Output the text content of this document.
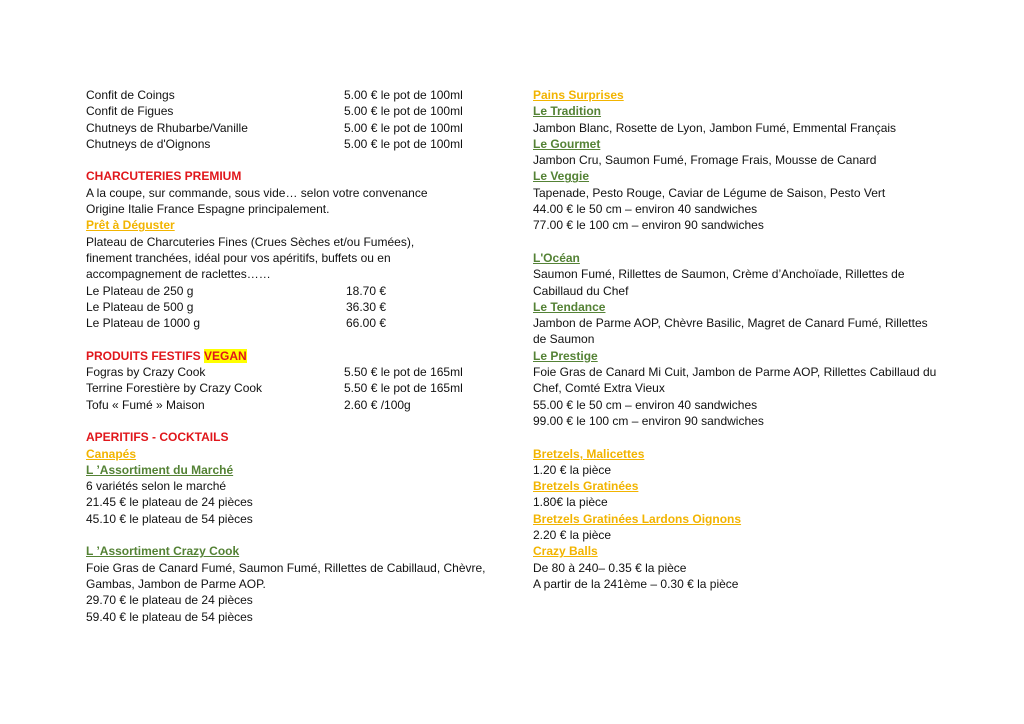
Confit de Coings	5.00 € le pot de 100ml
Confit de Figues	5.00 € le pot de 100ml
Chutneys de Rhubarbe/Vanille	5.00 € le pot de 100ml
Chutneys de d'Oignons	5.00 € le pot de 100ml
CHARCUTERIES PREMIUM
A la coupe, sur commande, sous vide… selon votre convenance
Origine Italie France Espagne principalement.
Prêt à Déguster
Plateau de Charcuteries Fines (Crues Sèches et/ou Fumées),
finement tranchées, idéal pour vos apéritifs, buffets ou en
accompagnement de raclettes……
Le Plateau de 250 g	18.70 €
Le Plateau de 500 g	36.30 €
Le Plateau de 1000 g	66.00 €
PRODUITS FESTIFS VEGAN
Fogras by Crazy Cook	5.50 € le pot de 165ml
Terrine Forestière by Crazy Cook	5.50 € le pot de 165ml
Tofu « Fumé » Maison	2.60 € /100g
APERITIFS - COCKTAILS
Canapés
L ’Assortiment du Marché
6 variétés selon le marché
21.45 € le plateau de 24 pièces
45.10 € le plateau de 54 pièces
L ’Assortiment Crazy Cook
Foie Gras de Canard Fumé, Saumon Fumé, Rillettes de Cabillaud, Chèvre,
Gambas, Jambon de Parme AOP.
29.70 € le plateau de 24 pièces
59.40 € le plateau de 54 pièces
Pains Surprises
Le Tradition
Jambon Blanc, Rosette de Lyon, Jambon Fumé, Emmental Français
Le Gourmet
Jambon Cru, Saumon Fumé, Fromage Frais, Mousse de Canard
Le Veggie
Tapenade, Pesto Rouge, Caviar de Légume de Saison, Pesto Vert
44.00 € le 50 cm – environ 40 sandwiches
77.00 € le 100 cm – environ 90 sandwiches
L'Océan
Saumon Fumé, Rillettes de Saumon, Crème d’Anchoïade, Rillettes de
Cabillaud du Chef
Le Tendance
Jambon de Parme AOP, Chèvre Basilic, Magret de Canard Fumé, Rillettes
de Saumon
Le Prestige
Foie Gras de Canard Mi Cuit, Jambon de Parme AOP, Rillettes Cabillaud du
Chef, Comté Extra Vieux
55.00 € le 50 cm – environ 40 sandwiches
99.00 € le 100 cm – environ 90 sandwiches
Bretzels, Malicettes
1.20 € la pièce
Bretzels Gratinées
1.80€ la pièce
Bretzels Gratinées Lardons Oignons
2.20 € la pièce
Crazy Balls
De 80 à 240– 0.35 € la pièce
A partir de la 241ème – 0.30 € la pièce
